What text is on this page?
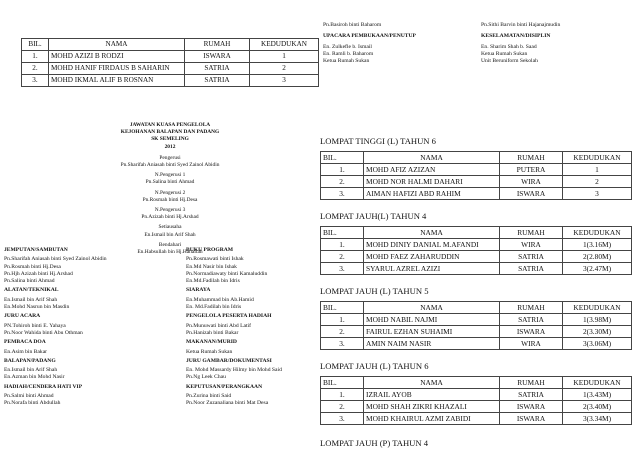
BIL.	NAMA	RUMAH	KEDUDUKAN
1.	MOHD AZIZI B RODZI	ISWARA	1
2.	MOHD HANIF FIRDAUS B SAHARIN	SATRIA	2
3.	MOHD IKMAL ALIF B ROSNAN	SATRIA	3
Pn.Basiroh binti Baharom
UPACARA PEMBUKAAN/PENUTUP
En. Zulkefle b. Ismail
En. Ramli b. Baharom
Ketua Rumah Sukan
Pn.Sithi Barvin binti Hajanajmudin
KESELAMATAN/DISIPLIN
En. Sharim Shah b. Saad
Ketua Rumah Sukan
Unit Beruniform Sekolah
JAWATAN KUASA PENGELOLA
KEJOHANAN BALAPAN DAN PADANG
SK SEMELING
2012
Pengerusi
Pn.Sharifah Aniasah binti Syed Zainol Abidin
N.Pengerusi 1
Pn.Salina binti Ahmad
N.Pengerusi 2
Pn.Rosmah binti Hj.Desa
N.Pengerusi 3
Pn.Azizah binti Hj.Arshad
Setiausaha
En.Ismail bin Arif Shah
Bendahari
En.Habsullah bin Hj.Hanafiah
JEMPUTAN/SAMBUTAN
Pn.Sharifah Aniasah binti Syed Zainol Abidin
Pn.Rosmah binti Hj.Desa
Pn.Hjh Azizah binti Hj.Arshad
Pn.Salina binti Ahmad
ALATAN/TEKNIKAL
En.Ismail bin Arif Shah
En.Mohd Nasrun bin Masdin
JURU ACARA
PN.Tohiroh binti E. Yahaya
Pn.Noor Wahida binti Abu Othman
PEMBACA DOA
En.Asim bin Bakar
BALAPAN/PADANG
En.Ismail bin Arif Shah
En.Azman bin Mohd Nasir
HADIAH/CENDERA HATI VIP
Pn.Salmi binti Ahmad
Pn.Norafa binti Abdullah
BUKU PROGRAM
Pn.Rosmawati binti Ishak
En.Md Nasir bin Ishak
Pn.Normadiawaty binti Kamaluddin
En.Md.Fadilah bin Idris
SIARAYA
En.Muhammad bin Ab.Hamid
En. Md.Fadilah bin Idris
PENGELOLA PESERTA HADIAH
Pn.Munuwati binti Abd Latif
Pn.Hanizah binti Bakar
MAKANAN/MURID
Ketua Rumah Sukan
JURU GAMBAR/DOKUMENTASI
En. Mohd Massardy Hilmy bin Mohd Said
Pn.Ng Leek Chau
KEPUTUSAN/PERANGKAAN
Pn.Zurina binti Said
Pn.Noor Zuzanaliana binti Mat Desa
LOMPAT TINGGI (L) TAHUN 6
BIL.	NAMA	RUMAH	KEDUDUKAN
1.	MOHD AFIZ AZIZAN	PUTERA	1
2.	MOHD NOR HALMI DAHARI	WIRA	2
3.	AIMAN HAFIZI ABD RAHIM	ISWARA	3
LOMPAT JAUH(L) TAHUN 4
BIL.	NAMA	RUMAH	KEDUDUKAN
1.	MOHD DINIY DANIAL M.AFANDI	WIRA	1(3.16M)
2.	MOHD FAEZ ZAHARUDDIN	SATRIA	2(2.80M)
3.	SYARUL AZREL AZIZI	SATRIA	3(2.47M)
LOMPAT JAUH (L) TAHUN 5
BIL.	NAMA	RUMAH	KEDUDUKAN
1.	MOHD NABIL NAJMI	SATRIA	1(3.98M)
2.	FAIRUL EZHAN SUHAIMI	ISWARA	2(3.30M)
3.	AMIN NAIM NASIR	WIRA	3(3.06M)
LOMPAT JAUH (L) TAHUN 6
BIL.	NAMA	RUMAH	KEDUDUKAN
1.	IZRAIL AYOB	SATRIA	1(3.43M)
2.	MOHD SHAH ZIKRI KHAZALI	ISWARA	2(3.40M)
3.	MOHD KHAIRUL AZMI ZABIDI	ISWARA	3(3.34M)
LOMPAT JAUH (P) TAHUN 4
